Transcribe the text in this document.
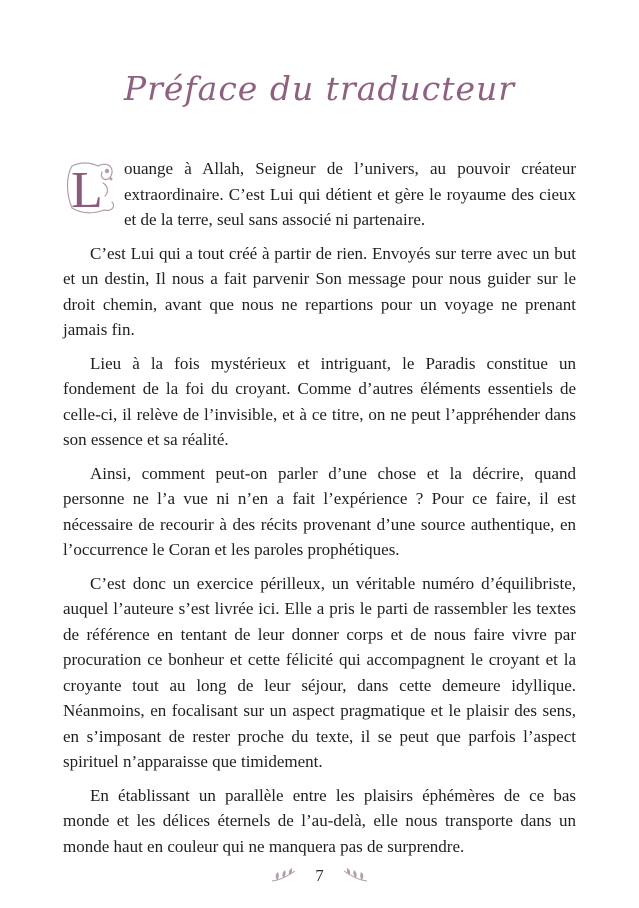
Préface du traducteur

L ouange à Allah, Seigneur de l’univers, au pouvoir créateur extraordinaire. C’est Lui qui détient et gère le royaume des cieux et de la terre, seul sans associé ni partenaire.

C’est Lui qui a tout créé à partir de rien. Envoyés sur terre avec un but et un destin, Il nous a fait parvenir Son message pour nous guider sur le droit chemin, avant que nous ne repartions pour un voyage ne prenant jamais fin.

Lieu à la fois mystérieux et intriguant, le Paradis constitue un fondement de la foi du croyant. Comme d’autres éléments essentiels de celle-ci, il relève de l’invisible, et à ce titre, on ne peut l’appréhender dans son essence et sa réalité.

Ainsi, comment peut-on parler d’une chose et la décrire, quand personne ne l’a vue ni n’en a fait l’expérience ? Pour ce faire, il est nécessaire de recourir à des récits provenant d’une source authentique, en l’occurrence le Coran et les paroles prophétiques.

C’est donc un exercice périlleux, un véritable numéro d’équilibriste, auquel l’auteure s’est livrée ici. Elle a pris le parti de rassembler les textes de référence en tentant de leur donner corps et de nous faire vivre par procuration ce bonheur et cette félicité qui accompagnent le croyant et la croyante tout au long de leur séjour, dans cette demeure idyllique. Néanmoins, en focalisant sur un aspect pragmatique et le plaisir des sens, en s’imposant de rester proche du texte, il se peut que parfois l’aspect spirituel n’apparaisse que timidement.

En établissant un parallèle entre les plaisirs éphémères de ce bas monde et les délices éternels de l’au-delà, elle nous transporte dans un monde haut en couleur qui ne manquera pas de surprendre.

7
